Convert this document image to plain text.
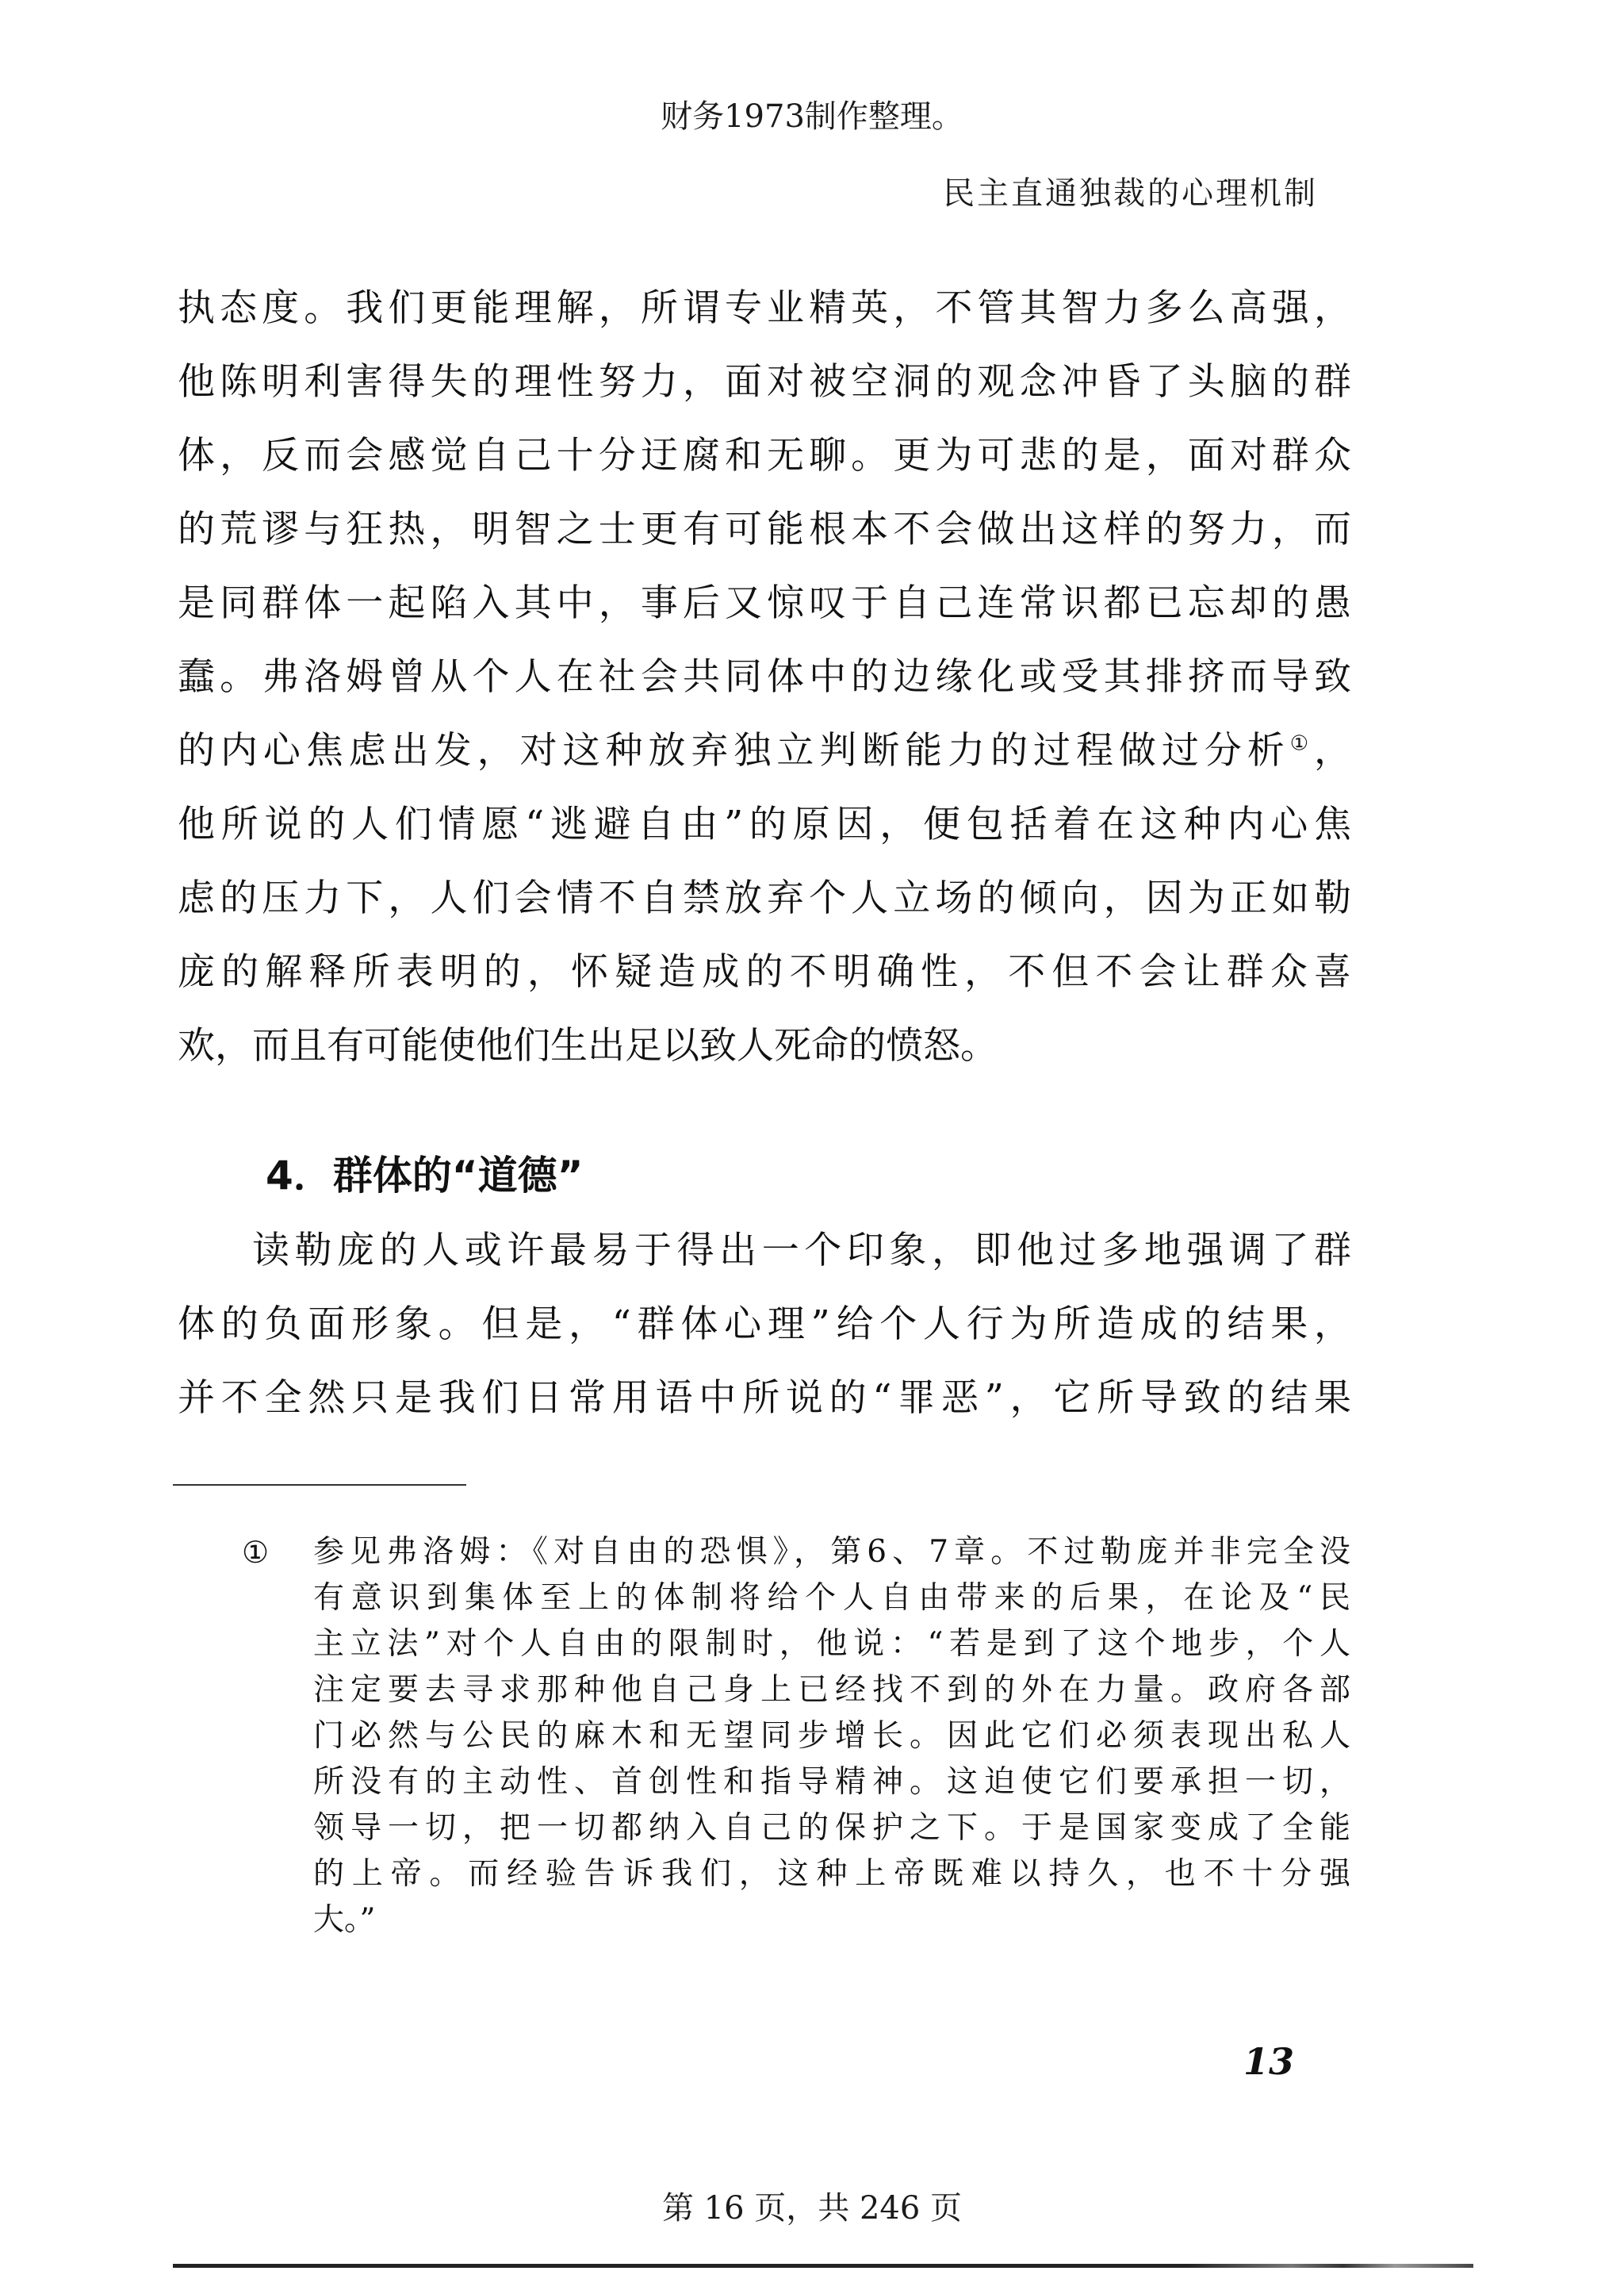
财务1973制作整理。
民主直通独裁的心理机制
执态度。我们更能理解，所谓专业精英，不管其智力多么高强，
他陈明利害得失的理性努力，面对被空洞的观念冲昏了头脑的群
体，反而会感觉自己十分迂腐和无聊。更为可悲的是，面对群众
的荒谬与狂热，明智之士更有可能根本不会做出这样的努力，而
是同群体一起陷入其中，事后又惊叹于自己连常识都已忘却的愚
蠢。弗洛姆曾从个人在社会共同体中的边缘化或受其排挤而导致
的内心焦虑出发，对这种放弃独立判断能力的过程做过分析①，
他所说的人们情愿“逃避自由”的原因，便包括着在这种内心焦
虑的压力下，人们会情不自禁放弃个人立场的倾向，因为正如勒
庞的解释所表明的，怀疑造成的不明确性，不但不会让群众喜
欢，而且有可能使他们生出足以致人死命的愤怒。
4．群体的“道德”
读勒庞的人或许最易于得出一个印象，即他过多地强调了群
体的负面形象。但是，“群体心理”给个人行为所造成的结果，
并不全然只是我们日常用语中所说的“罪恶”，它所导致的结果
① 参见弗洛姆：《对自由的恐惧》，第6、7章。不过勒庞并非完全没
有意识到集体至上的体制将给个人自由带来的后果，在论及“民
主立法”对个人自由的限制时，他说：“若是到了这个地步，个人
注定要去寻求那种他自己身上已经找不到的外在力量。政府各部
门必然与公民的麻木和无望同步增长。因此它们必须表现出私人
所没有的主动性、首创性和指导精神。这迫使它们要承担一切，
领导一切，把一切都纳入自己的保护之下。于是国家变成了全能
的上帝。而经验告诉我们，这种上帝既难以持久，也不十分强
大。”
13
第 16 页，共 246 页
